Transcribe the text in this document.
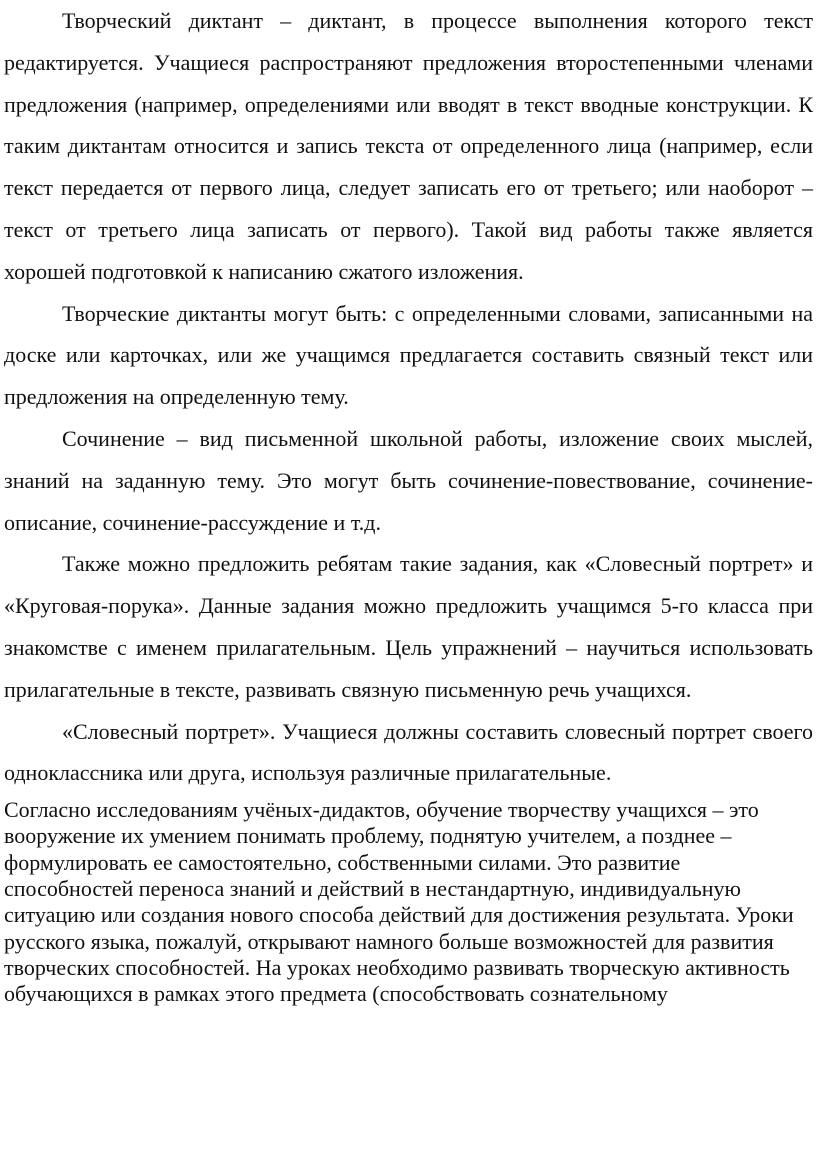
Творческий диктант – диктант, в процессе выполнения которого текст редактируется. Учащиеся распространяют предложения второстепенными членами предложения (например, определениями или вводят в текст вводные конструкции. К таким диктантам относится и запись текста от определенного лица (например, если текст передается от первого лица, следует записать его от третьего; или наоборот – текст от третьего лица записать от первого). Такой вид работы также является хорошей подготовкой к написанию сжатого изложения.

Творческие диктанты могут быть: с определенными словами, записанными на доске или карточках, или же учащимся предлагается составить связный текст или предложения на определенную тему.

Сочинение – вид письменной школьной работы, изложение своих мыслей, знаний на заданную тему. Это могут быть сочинение-повествование, сочинение-описание, сочинение-рассуждение и т.д.

Также можно предложить ребятам такие задания, как «Словесный портрет» и «Круговая-порука». Данные задания можно предложить учащимся 5-го класса при знакомстве с именем прилагательным. Цель упражнений – научиться использовать прилагательные в тексте, развивать связную письменную речь учащихся.

«Словесный портрет». Учащиеся должны составить словесный портрет своего одноклассника или друга, используя различные прилагательные.

Согласно исследованиям учёных-дидактов, обучение творчеству учащихся – это вооружение их умением понимать проблему, поднятую учителем, а позднее – формулировать ее самостоятельно, собственными силами. Это развитие способностей переноса знаний и действий в нестандартную, индивидуальную ситуацию или создания нового способа действий для достижения результата. Уроки русского языка, пожалуй, открывают намного больше возможностей для развития творческих способностей. На уроках необходимо развивать творческую активность обучающихся в рамках этого предмета (способствовать сознательному
